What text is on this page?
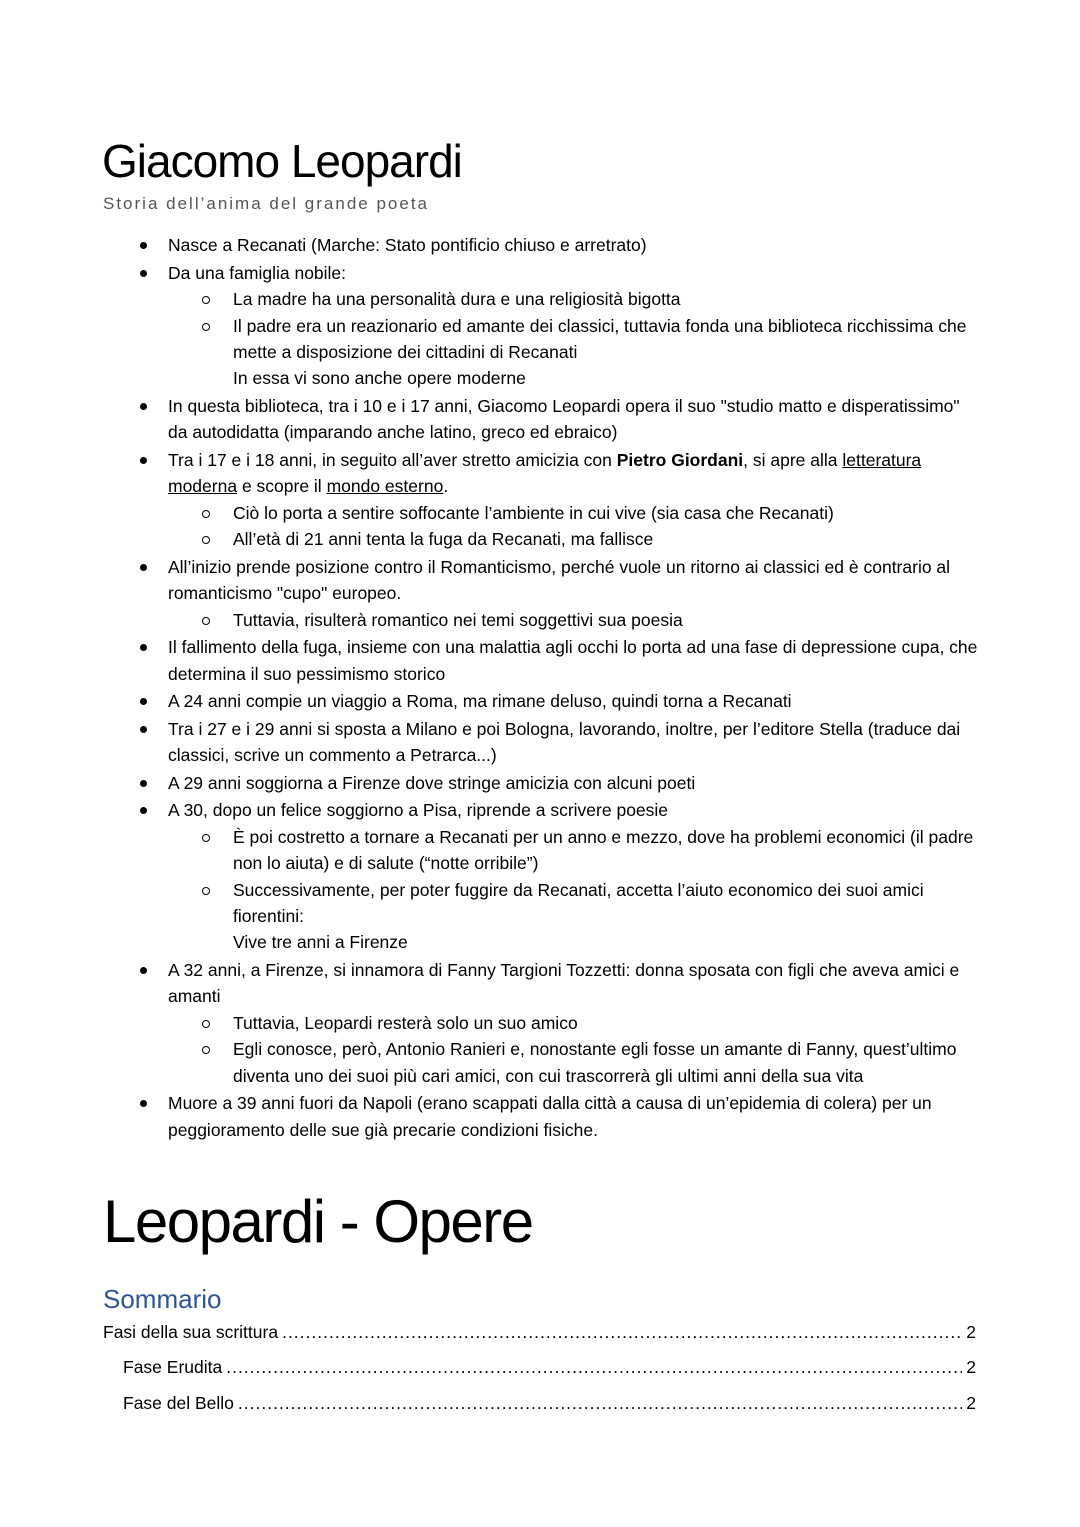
Giacomo Leopardi
Storia dell’anima del grande poeta
Nasce a Recanati (Marche: Stato pontificio chiuso e arretrato)
Da una famiglia nobile:
La madre ha una personalità dura e una religiosità bigotta
Il padre era un reazionario ed amante dei classici, tuttavia fonda una biblioteca ricchissima che mette a disposizione dei cittadini di Recanati
In essa vi sono anche opere moderne
In questa biblioteca, tra i 10 e i 17 anni, Giacomo Leopardi opera il suo "studio matto e disperatissimo" da autodidatta (imparando anche latino, greco ed ebraico)
Tra i 17 e i 18 anni, in seguito all’aver stretto amicizia con Pietro Giordani, si apre alla letteratura moderna e scopre il mondo esterno.
Ciò lo porta a sentire soffocante l’ambiente in cui vive (sia casa che Recanati)
All’età di 21 anni tenta la fuga da Recanati, ma fallisce
All’inizio prende posizione contro il Romanticismo, perché vuole un ritorno ai classici ed è contrario al romanticismo "cupo" europeo.
Tuttavia, risulterà romantico nei temi soggettivi sua poesia
Il fallimento della fuga, insieme con una malattia agli occhi lo porta ad una fase di depressione cupa, che determina il suo pessimismo storico
A 24 anni compie un viaggio a Roma, ma rimane deluso, quindi torna a Recanati
Tra i 27 e i 29 anni si sposta a Milano e poi Bologna, lavorando, inoltre, per l’editore Stella (traduce dai classici, scrive un commento a Petrarca...)
A 29 anni soggiorna a Firenze dove stringe amicizia con alcuni poeti
A 30, dopo un felice soggiorno a Pisa, riprende a scrivere poesie
È poi costretto a tornare a Recanati per un anno e mezzo, dove ha problemi economici (il padre non lo aiuta) e di salute (“notte orribile”)
Successivamente, per poter fuggire da Recanati, accetta l’aiuto economico dei suoi amici fiorentini:
Vive tre anni a Firenze
A 32 anni, a Firenze, si innamora di Fanny Targioni Tozzetti: donna sposata con figli che aveva amici e amanti
Tuttavia, Leopardi resterà solo un suo amico
Egli conosce, però, Antonio Ranieri e, nonostante egli fosse un amante di Fanny, quest’ultimo diventa uno dei suoi più cari amici, con cui trascorrerà gli ultimi anni della sua vita
Muore a 39 anni fuori da Napoli (erano scappati dalla città a causa di un’epidemia di colera) per un peggioramento delle sue già precarie condizioni fisiche.
Leopardi - Opere
Sommario
Fasi della sua scrittura .....	2
Fase Erudita .....	2
Fase del Bello .....	2
